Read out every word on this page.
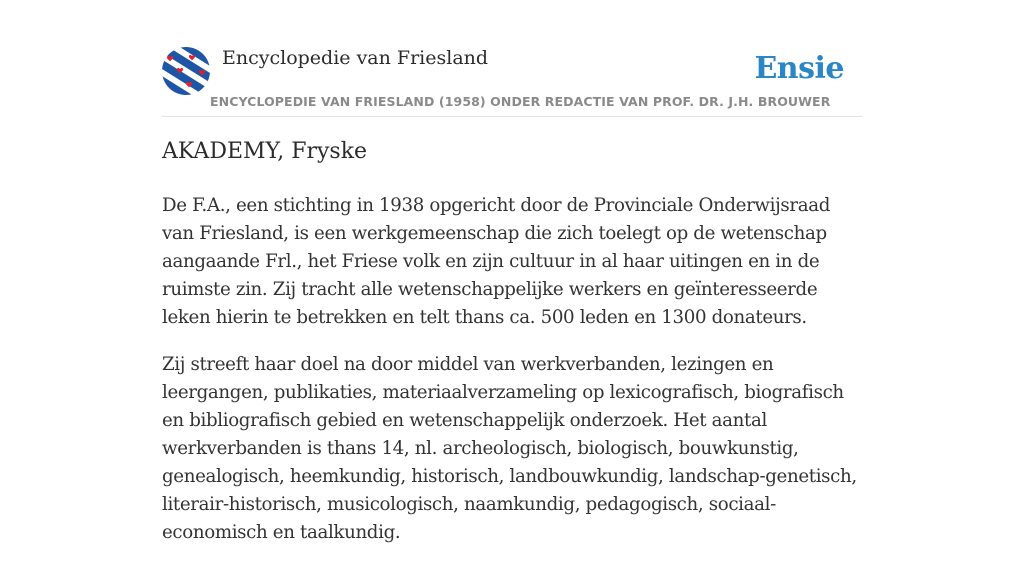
Encyclopedie van Friesland	Ensie
ENCYCLOPEDIE VAN FRIESLAND (1958) ONDER REDACTIE VAN PROF. DR. J.H. BROUWER
AKADEMY, Fryske

De F.A., een stichting in 1938 opgericht door de Provinciale Onderwijsraad van Friesland, is een werkgemeenschap die zich toelegt op de wetenschap aangaande Frl., het Friese volk en zijn cultuur in al haar uitingen en in de ruimste zin. Zij tracht alle wetenschappelijke werkers en geïnteresseerde leken hierin te betrekken en telt thans ca. 500 leden en 1300 donateurs.

Zij streeft haar doel na door middel van werkverbanden, lezingen en leergangen, publikaties, materiaalverzameling op lexicografisch, biografisch en bibliografisch gebied en wetenschappelijk onderzoek. Het aantal werkverbanden is thans 14, nl. archeologisch, biologisch, bouwkunstig, genealogisch, heemkundig, historisch, landbouwkundig, landschap-genetisch, literair-historisch, musicologisch, naamkundig, pedagogisch, sociaal-economisch en taalkundig.
